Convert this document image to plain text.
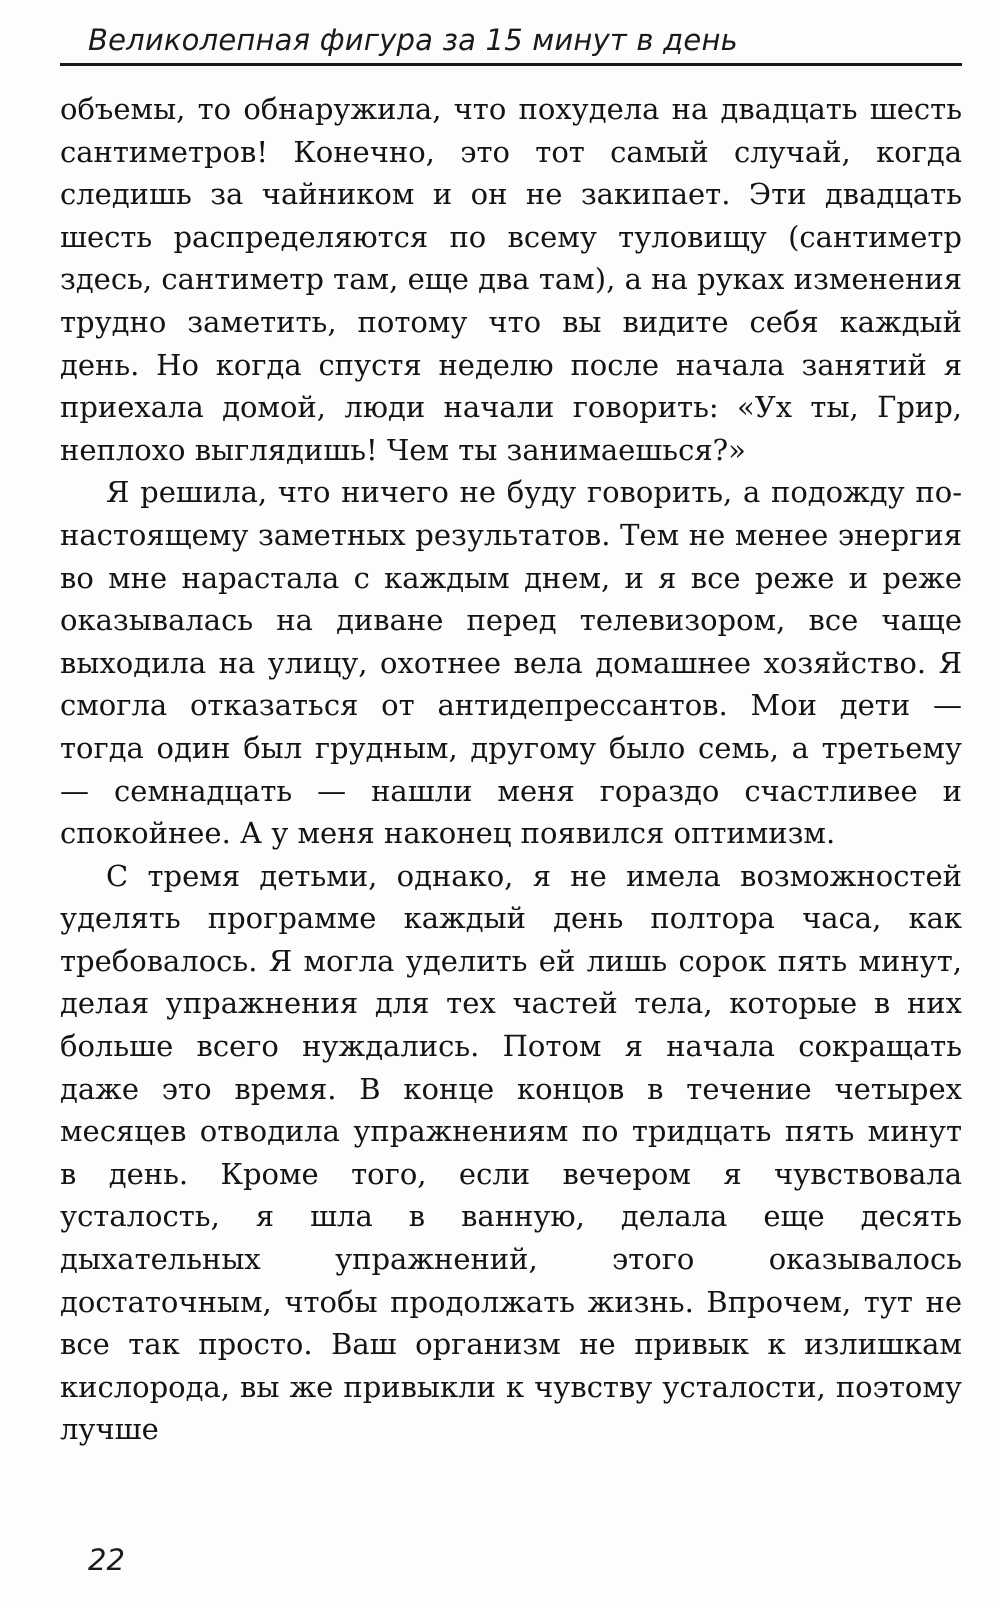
Великолепная фигура за 15 минут в день

объемы, то обнаружила, что похудела на двадцать шесть сантиметров! Конечно, это тот самый случай, когда следишь за чайником и он не закипает. Эти двадцать шесть распределяются по всему туловищу (сантиметр здесь, сантиметр там, еще два там), а на руках изменения трудно заметить, потому что вы видите себя каждый день. Но когда спустя неделю после начала занятий я приехала домой, люди начали говорить: «Ух ты, Грир, неплохо выглядишь! Чем ты занимаешься?»

Я решила, что ничего не буду говорить, а подожду по-настоящему заметных результатов. Тем не менее энергия во мне нарастала с каждым днем, и я все реже и реже оказывалась на диване перед телевизором, все чаще выходила на улицу, охотнее вела домашнее хозяйство. Я смогла отказаться от антидепрессантов. Мои дети — тогда один был грудным, другому было семь, а третьему — семнадцать — нашли меня гораздо счастливее и спокойнее. А у меня наконец появился оптимизм.

С тремя детьми, однако, я не имела возможностей уделять программе каждый день полтора часа, как требовалось. Я могла уделить ей лишь сорок пять минут, делая упражнения для тех частей тела, которые в них больше всего нуждались. Потом я начала сокращать даже это время. В конце концов в течение четырех месяцев отводила упражнениям по тридцать пять минут в день. Кроме того, если вечером я чувствовала усталость, я шла в ванную, делала еще десять дыхательных упражнений, этого оказывалось достаточным, чтобы продолжать жизнь. Впрочем, тут не все так просто. Ваш организм не привык к излишкам кислорода, вы же привыкли к чувству усталости, поэтому лучше

22
